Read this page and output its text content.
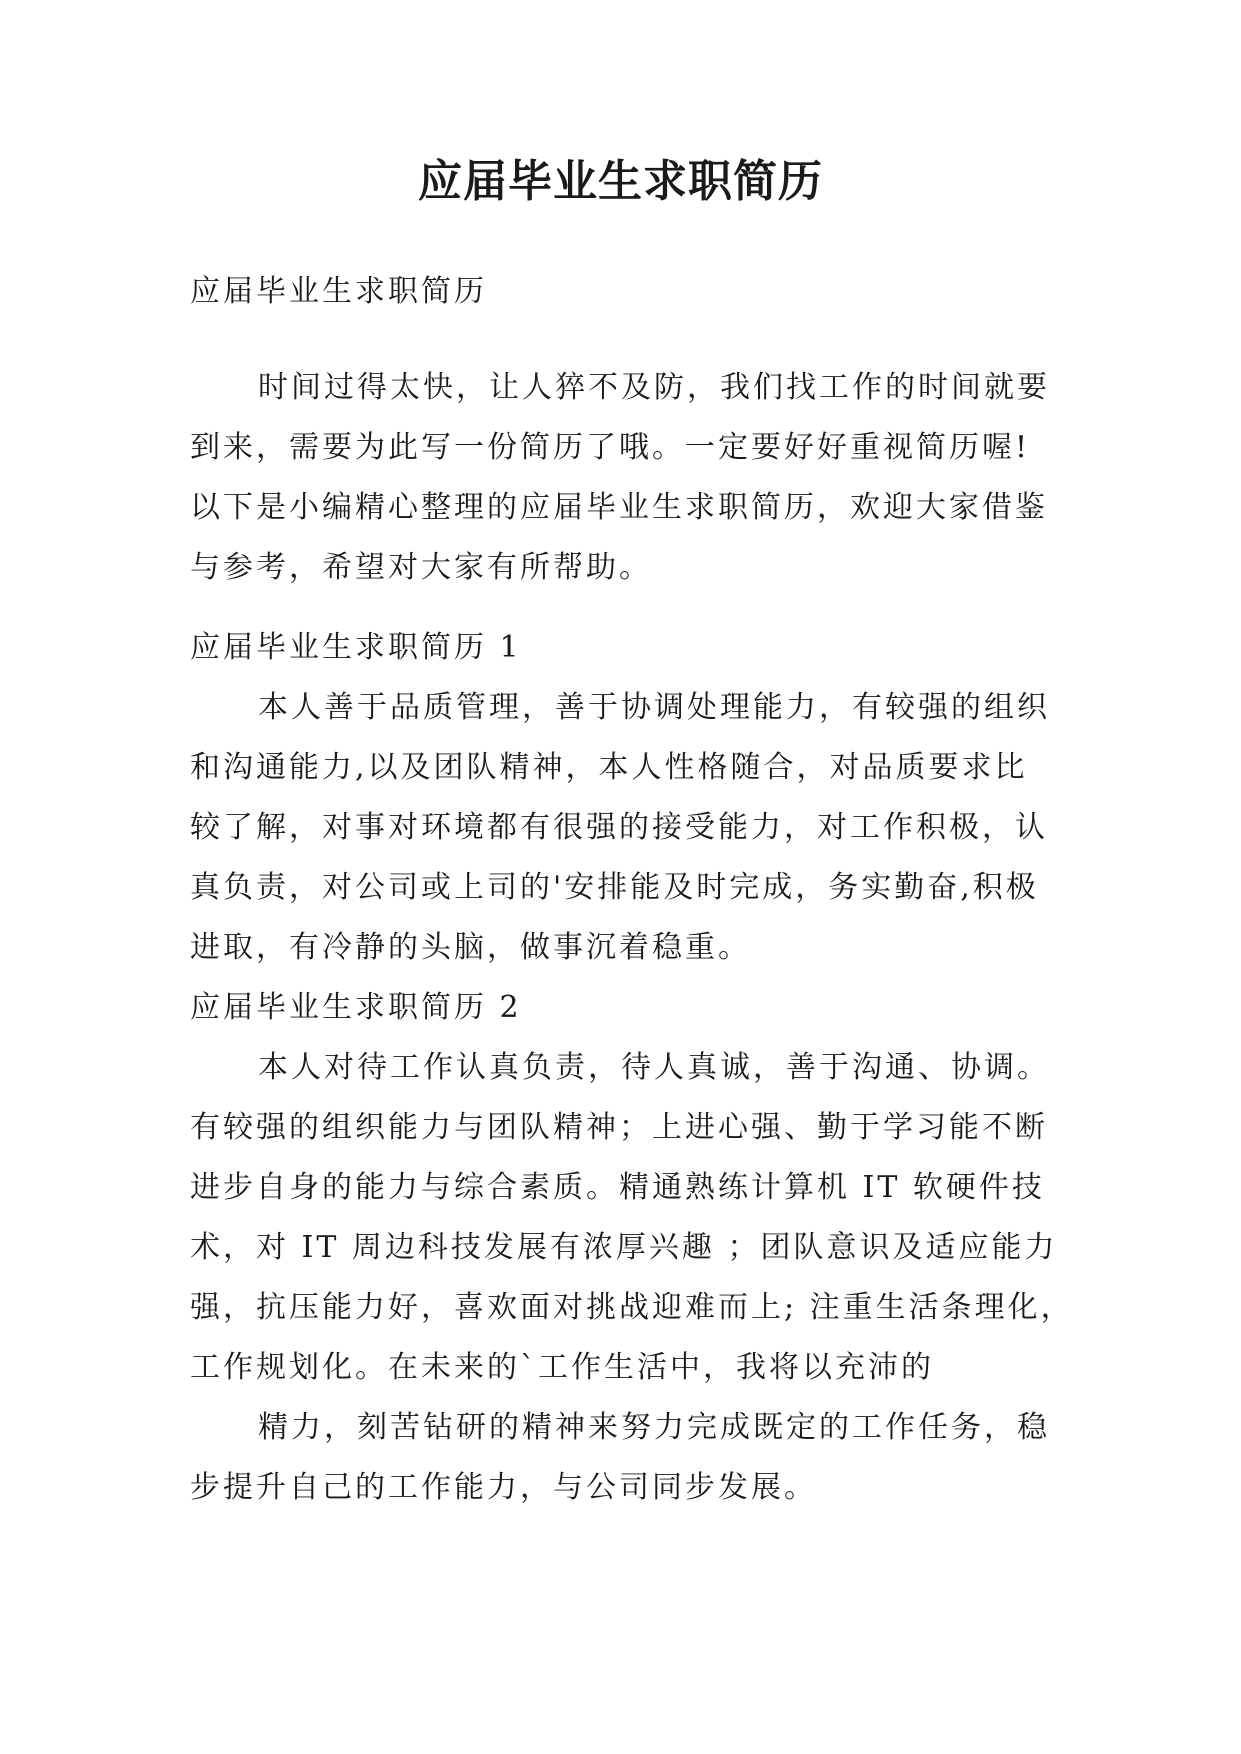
应届毕业生求职简历

应届毕业生求职简历

时间过得太快，让人猝不及防，我们找工作的时间就要
到来，需要为此写一份简历了哦。一定要好好重视简历喔!
以下是小编精心整理的应届毕业生求职简历，欢迎大家借鉴
与参考，希望对大家有所帮助。

应届毕业生求职简历 1
本人善于品质管理，善于协调处理能力，有较强的组织
和沟通能力,以及团队精神，本人性格随合，对品质要求比
较了解，对事对环境都有很强的接受能力，对工作积极，认
真负责，对公司或上司的'安排能及时完成，务实勤奋,积极
进取，有冷静的头脑，做事沉着稳重。

应届毕业生求职简历 2
本人对待工作认真负责，待人真诚，善于沟通、协调。
有较强的组织能力与团队精神；上进心强、勤于学习能不断
进步自身的能力与综合素质。精通熟练计算机 IT 软硬件技
术，对 IT 周边科技发展有浓厚兴趣 ；团队意识及适应能力
强，抗压能力好，喜欢面对挑战迎难而上; 注重生活条理化，
工作规划化。在未来的`工作生活中，我将以充沛的
精力，刻苦钻研的精神来努力完成既定的工作任务，稳
步提升自己的工作能力，与公司同步发展。
